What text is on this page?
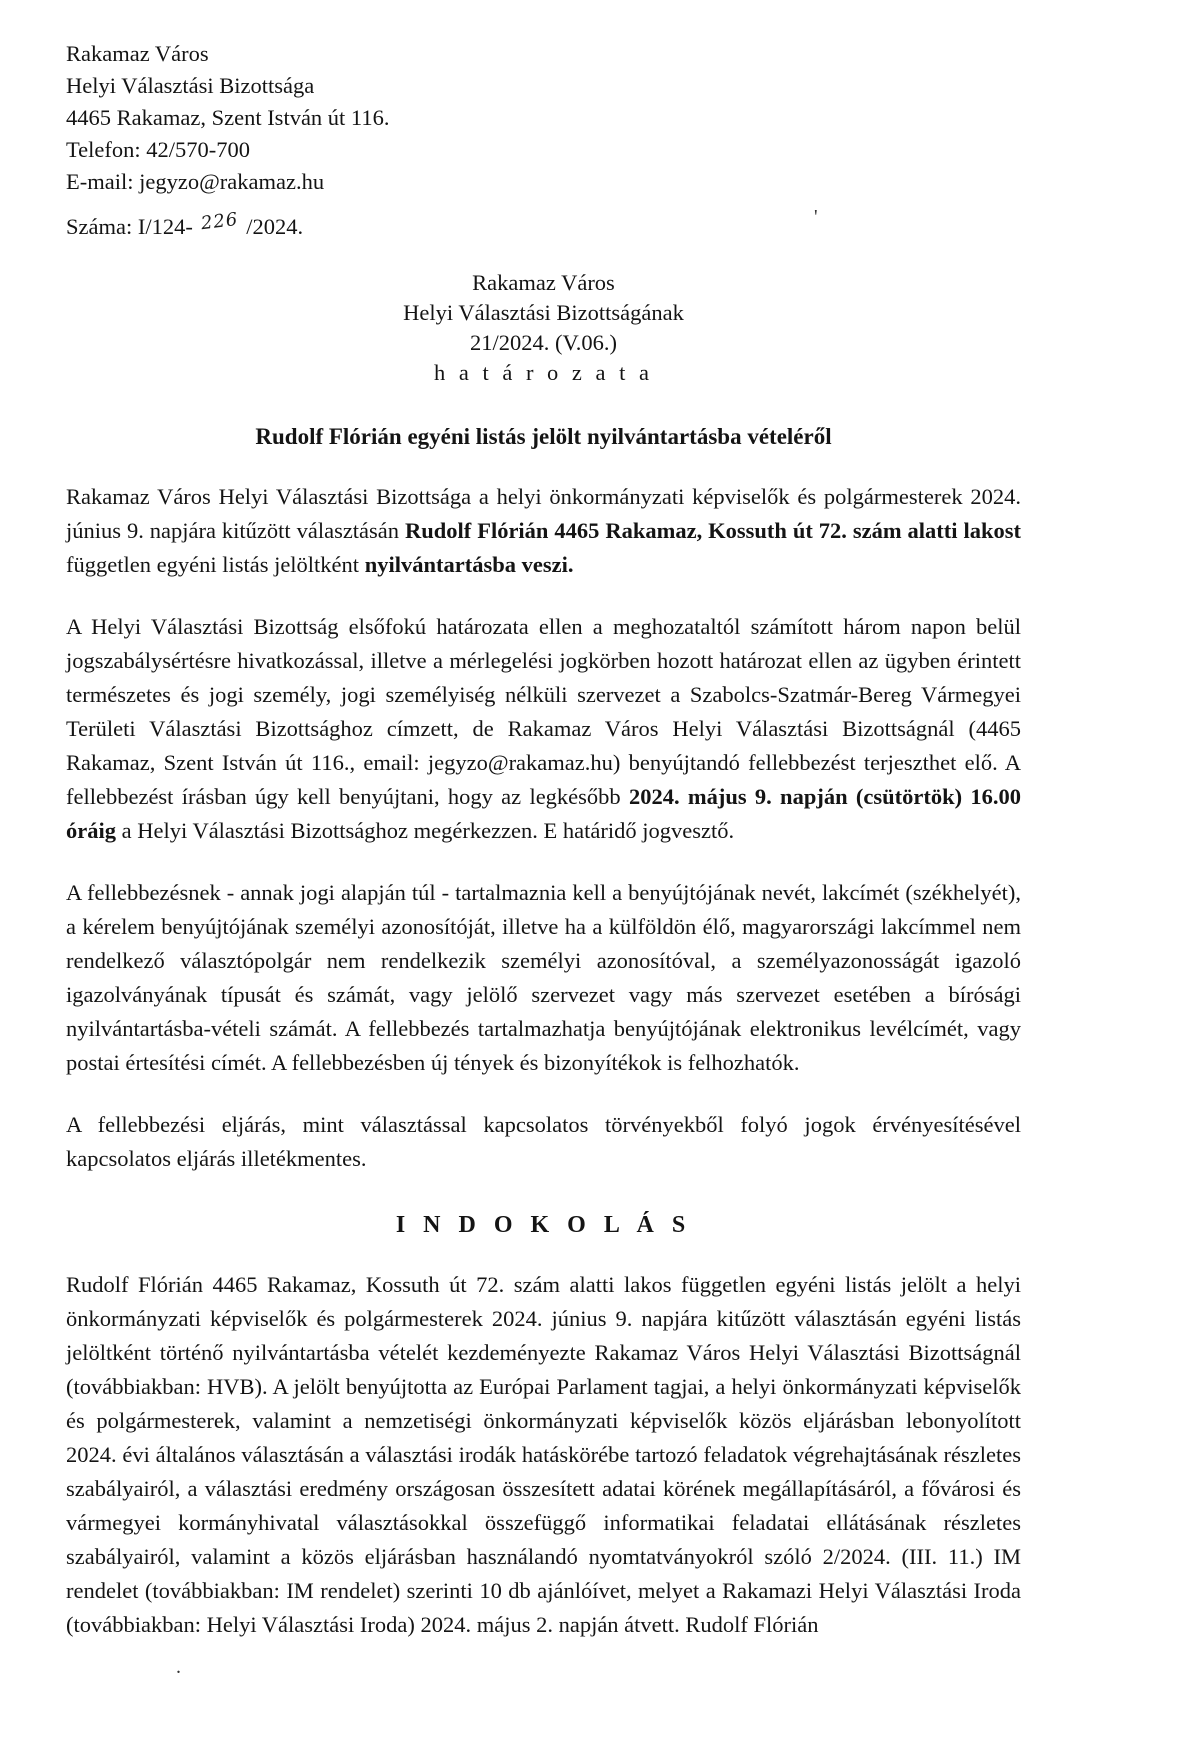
Rakamaz Város
Helyi Választási Bizottsága
4465 Rakamaz, Szent István út 116.
Telefon: 42/570-700
E-mail: jegyzo@rakamaz.hu
Száma: I/124- 226 /2024.
Rakamaz Város
Helyi Választási Bizottságának
21/2024. (V.06.)
h a t á r o z a t a
Rudolf Flórián egyéni listás jelölt nyilvántartásba vételéről

Rakamaz Város Helyi Választási Bizottsága a helyi önkormányzati képviselők és polgármesterek 2024. június 9. napjára kitűzött választásán Rudolf Flórián 4465 Rakamaz, Kossuth út 72. szám alatti lakost független egyéni listás jelöltként nyilvántartásba veszi.

A Helyi Választási Bizottság elsőfokú határozata ellen a meghozataltól számított három napon belül jogszabálysértésre hivatkozással, illetve a mérlegelési jogkörben hozott határozat ellen az ügyben érintett természetes és jogi személy, jogi személyiség nélküli szervezet a Szabolcs-Szatmár-Bereg Vármegyei Területi Választási Bizottsághoz címzett, de Rakamaz Város Helyi Választási Bizottságnál (4465 Rakamaz, Szent István út 116., email: jegyzo@rakamaz.hu) benyújtandó fellebbezést terjeszthet elő. A fellebbezést írásban úgy kell benyújtani, hogy az legkésőbb 2024. május 9. napján (csütörtök) 16.00 óráig a Helyi Választási Bizottsághoz megérkezzen. E határidő jogvesztő.

A fellebbezésnek - annak jogi alapján túl - tartalmaznia kell a benyújtójának nevét, lakcímét (székhelyét), a kérelem benyújtójának személyi azonosítóját, illetve ha a külföldön élő, magyarországi lakcímmel nem rendelkező választópolgár nem rendelkezik személyi azonosítóval, a személyazonosságát igazoló igazolványának típusát és számát, vagy jelölő szervezet vagy más szervezet esetében a bírósági nyilvántartásba-vételi számát. A fellebbezés tartalmazhatja benyújtójának elektronikus levélcímét, vagy postai értesítési címét. A fellebbezésben új tények és bizonyítékok is felhozhatók.

A fellebbezési eljárás, mint választással kapcsolatos törvényekből folyó jogok érvényesítésével kapcsolatos eljárás illetékmentes.

I N D O K O L Á S

Rudolf Flórián 4465 Rakamaz, Kossuth út 72. szám alatti lakos független egyéni listás jelölt a helyi önkormányzati képviselők és polgármesterek 2024. június 9. napjára kitűzött választásán egyéni listás jelöltként történő nyilvántartásba vételét kezdeményezte Rakamaz Város Helyi Választási Bizottságnál (továbbiakban: HVB). A jelölt benyújtotta az Európai Parlament tagjai, a helyi önkormányzati képviselők és polgármesterek, valamint a nemzetiségi önkormányzati képviselők közös eljárásban lebonyolított 2024. évi általános választásán a választási irodák hatáskörébe tartozó feladatok végrehajtásának részletes szabályairól, a választási eredmény országosan összesített adatai körének megállapításáról, a fővárosi és vármegyei kormányhivatal választásokkal összefüggő informatikai feladatai ellátásának részletes szabályairól, valamint a közös eljárásban használandó nyomtatványokról szóló 2/2024. (III. 11.) IM rendelet (továbbiakban: IM rendelet) szerinti 10 db ajánlóívet, melyet a Rakamazi Helyi Választási Iroda (továbbiakban: Helyi Választási Iroda) 2024. május 2. napján átvett. Rudolf Flórián

'
.
